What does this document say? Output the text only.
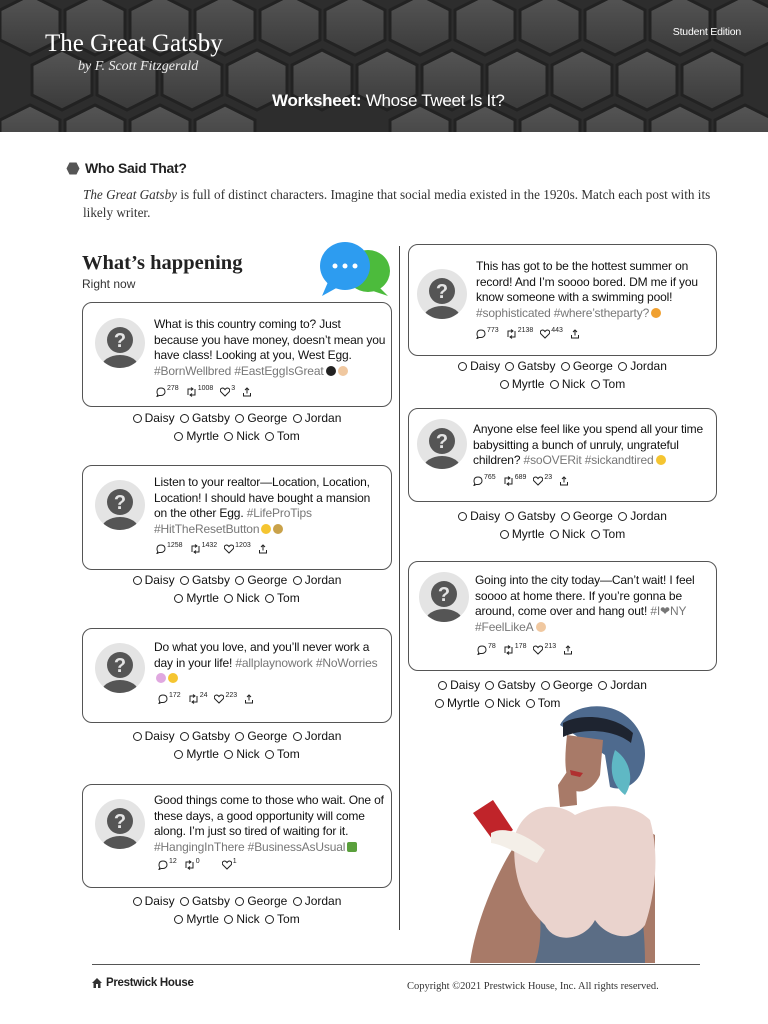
The Great Gatsby
by F. Scott Fitzgerald
Student Edition
Worksheet: Whose Tweet Is It?
Who Said That?
The Great Gatsby is full of distinct characters. Imagine that social media existed in the 1920s. Match each post with its likely writer.
What’s happening
Right now
?
What is this country coming to? Just because you have money, doesn’t mean you have class! Looking at you, West Egg. #BornWellbred #EastEggIsGreat
$^{278}$	$^{1008}$	$^3$
Daisy
Gatsby
George
Jordan
Myrtle
Nick
Tom
?
Listen to your realtor—Location, Location, Location! I should have bought a mansion on the other Egg. #LifeProTips #HitTheResetButton
$^{1258}$	$^{1432}$	$^{1203}$
Daisy
Gatsby
George
Jordan
Myrtle
Nick
Tom
?
Do what you love, and you’ll never work a day in your life! #allplaynowork #NoWorries
$^{172}$	$^{24}$	$^{223}$
Daisy
Gatsby
George
Jordan
Myrtle
Nick
Tom
?
Good things come to those who wait. One of these days, a good opportunity will come along. I’m just so tired of waiting for it. #HangingInThere #BusinessAsUsual
$^{12}$	$^0$	$^1$
Daisy
Gatsby
George
Jordan
Myrtle
Nick
Tom
?
This has got to be the hottest summer on record! And I’m soooo bored. DM me if you know someone with a swimming pool! #sophisticated #where’stheparty?
$^{773}$	$^{2138}$	$^{443}$
Daisy
Gatsby
George
Jordan
Myrtle
Nick
Tom
?
Anyone else feel like you spend all your time babysitting a bunch of unruly, ungrateful children? #soOVERit #sickandtired
$^{765}$	$^{689}$	$^{23}$
Daisy
Gatsby
George
Jordan
Myrtle
Nick
Tom
?
Going into the city today—Can’t wait! I feel soooo at home there. If you’re gonna be around, come over and hang out! #I❤NY #FeelLikeA
$^{78}$	$^{178}$	$^{213}$
Daisy
Gatsby
George
Jordan
Myrtle
Nick
Tom
Prestwick House	Copyright ©2021 Prestwick House, Inc. All rights reserved.
